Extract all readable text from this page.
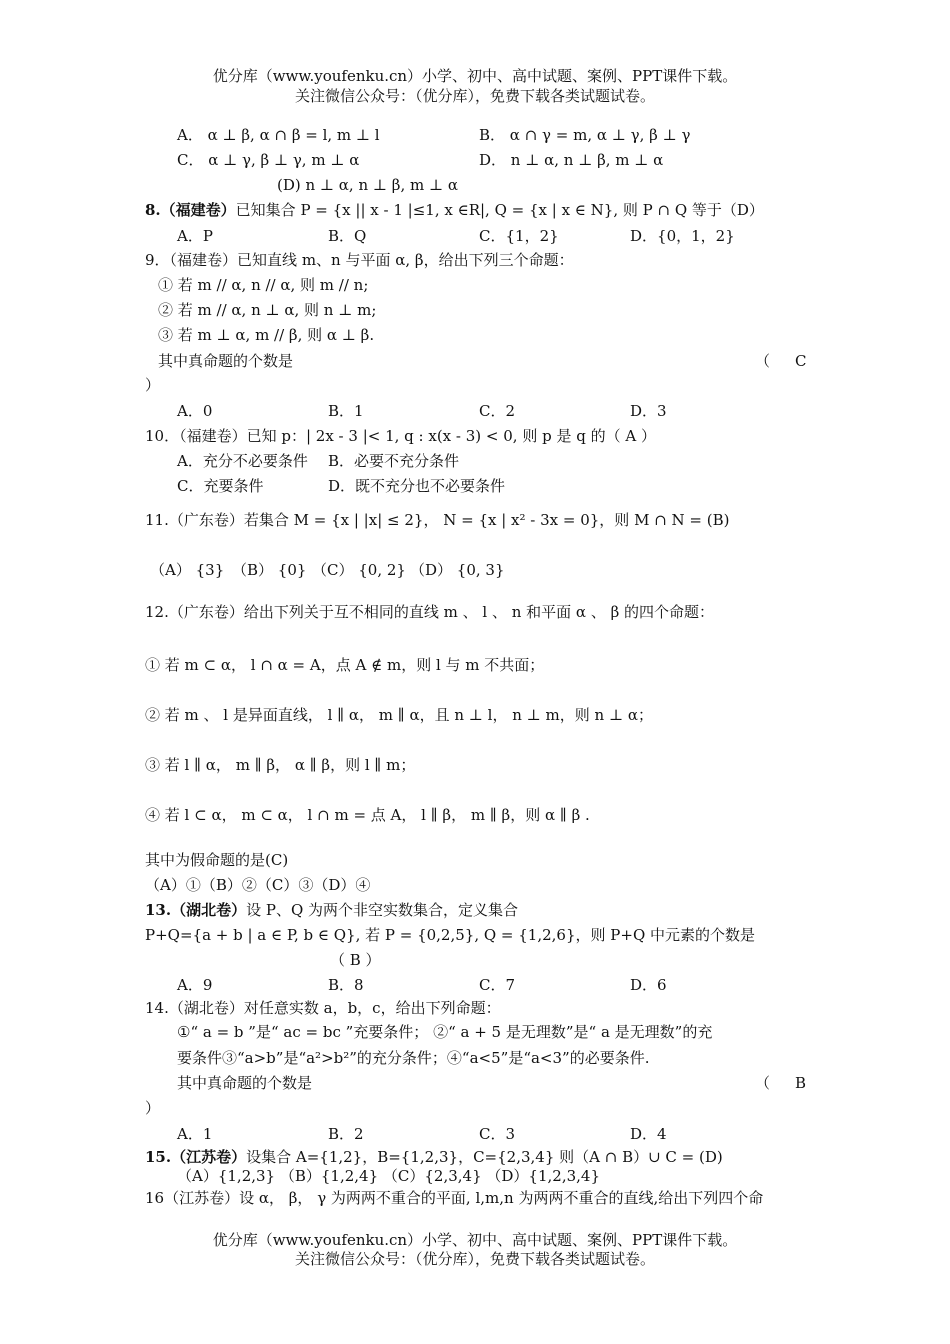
优分库（www.youfenku.cn）小学、初中、高中试题、案例、PPT课件下载。
关注微信公众号：（优分库），免费下载各类试题试卷。
A． α ⊥ β, α ∩ β = l, m ⊥ l	B． α ∩ γ = m, α ⊥ γ, β ⊥ γ
C． α ⊥ γ, β ⊥ γ, m ⊥ α	D． n ⊥ α, n ⊥ β, m ⊥ α
(D) n ⊥ α, n ⊥ β, m ⊥ α
8.（福建卷）已知集合 P = {x || x - 1 |≤1, x ∈R|, Q = {x | x ∈ N}, 则 P ∩ Q 等于（D）
A．P	B．Q	C．{1，2}	D．{0，1，2}
9．（福建卷）已知直线 m、n 与平面 α, β，给出下列三个命题：
① 若 m // α, n // α, 则 m // n;
② 若 m // α, n ⊥ α, 则 n ⊥ m;
③ 若 m ⊥ α, m // β, 则 α ⊥ β.
其中真命题的个数是	（ C
）
A．0	B．1	C．2	D．3
10．（福建卷）已知 p：| 2x - 3 |< 1, q : x(x - 3) < 0, 则 p 是 q 的（ A ）
A．充分不必要条件 B．必要不充分条件
C．充要条件	D．既不充分也不必要条件
11.（广东卷）若集合 M = {x | |x| ≤ 2}， N = {x | x² - 3x = 0}，则 M ∩ N = (B)
（A） {3} （B） {0} （C） {0, 2} （D） {0, 3}
12.（广东卷）给出下列关于互不相同的直线 m 、 l 、 n 和平面 α 、 β 的四个命题：
① 若 m ⊂ α， l ∩ α = A，点 A ∉ m，则 l 与 m 不共面；
② 若 m 、 l 是异面直线， l ∥ α， m ∥ α，且 n ⊥ l， n ⊥ m，则 n ⊥ α；
③ 若 l ∥ α， m ∥ β， α ∥ β，则 l ∥ m；
④ 若 l ⊂ α， m ⊂ α， l ∩ m = 点 A， l ∥ β， m ∥ β，则 α ∥ β .
其中为假命题的是(C)
（A）①（B）②（C）③（D）④
13.（湖北卷）设 P、Q 为两个非空实数集合，定义集合
P+Q={a + b | a ∈ P, b ∈ Q}, 若 P = {0,2,5}, Q = {1,2,6}，则 P+Q 中元素的个数是
（ B ）
A．9	B．8	C．7	D．6
14.（湖北卷）对任意实数 a，b，c，给出下列命题：
①“ a = b ”是“ ac = bc ”充要条件； ②“ a + 5 是无理数”是“ a 是无理数”的充
要条件③“a>b”是“a²>b²”的充分条件；④“a<5”是“a<3”的必要条件.
其中真命题的个数是	（ B
）
A．1	B．2	C．3	D．4
15.（江苏卷）设集合 A={1,2}，B={1,2,3}，C={2,3,4} 则（A ∩ B）∪ C = (D)
（A）{1,2,3} （B）{1,2,4} （C）{2,3,4} （D）{1,2,3,4}
16（江苏卷）设 α， β， γ 为两两不重合的平面, l,m,n 为两两不重合的直线,给出下列四个命
优分库（www.youfenku.cn）小学、初中、高中试题、案例、PPT课件下载。
关注微信公众号：（优分库），免费下载各类试题试卷。
